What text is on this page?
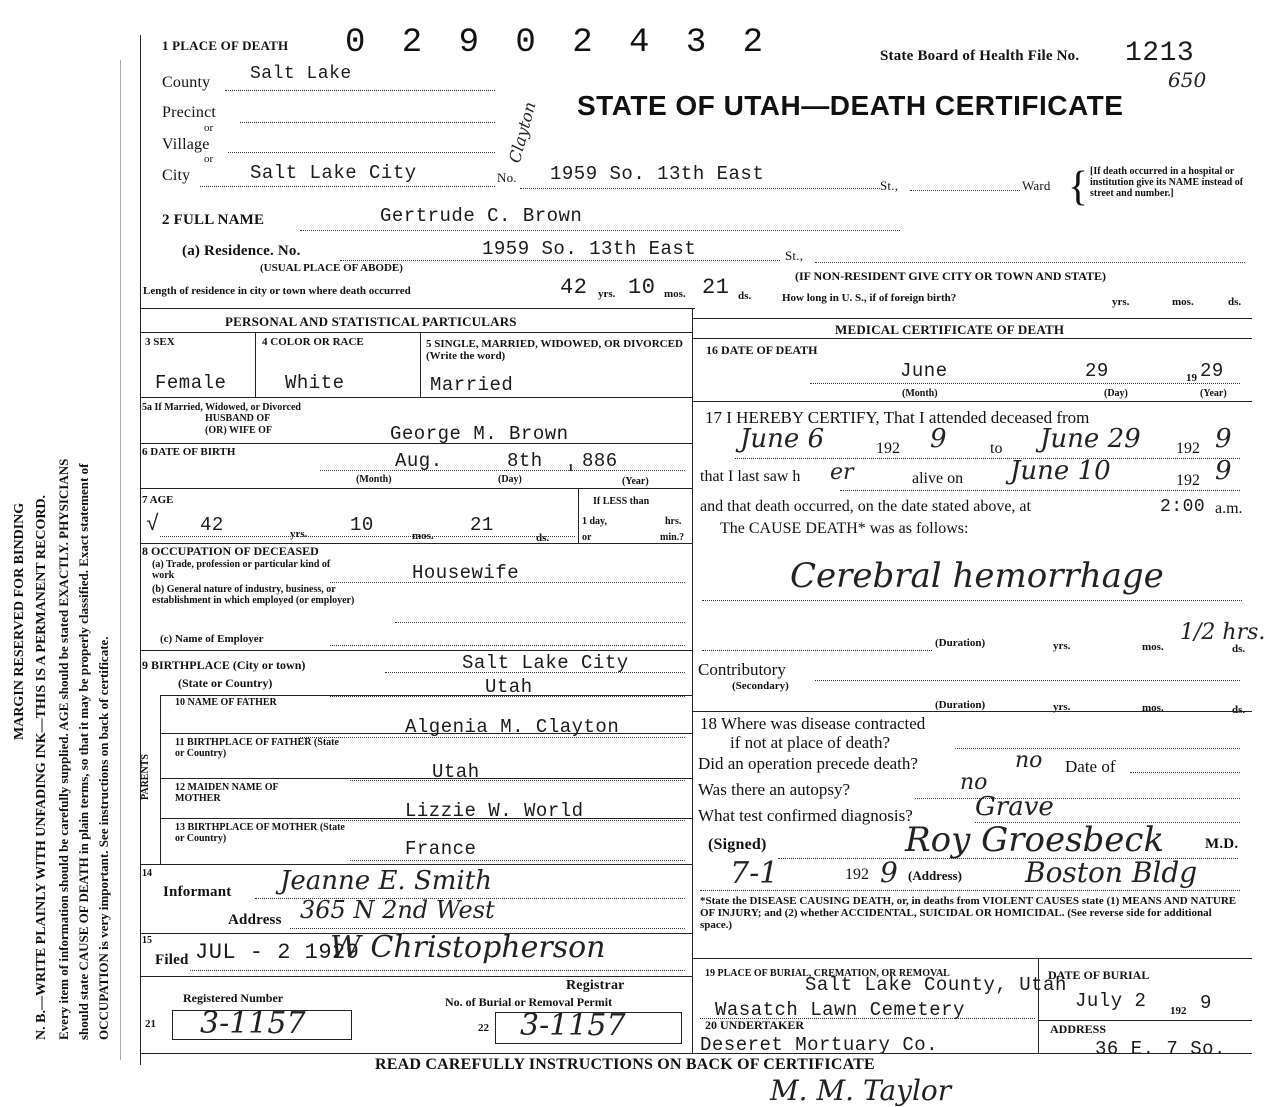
MARGIN RESERVED FOR BINDING N. B.—WRITE PLAINLY WITH UNFADING INK—THIS IS A PERMANENT RECORD. Every item of information should be carefully supplied. AGE should be stated EXACTLY. PHYSICIANS should state CAUSE OF DEATH in plain terms, so that it may be properly classified. Exact statement of OCCUPATION is very important. See instructions on back of certificate.
1 PLACE OF DEATH 0 2 9 0 2 4 3 2	State Board of Health File No. 1213
650
STATE OF UTAH—DEATH CERTIFICATE
County Salt Lake
Precinct
or
Village
or
City	Salt Lake City	No. 1959 So. 13th East
Clayton
St.,	Ward { [If death occurred in a hospital or institution give its NAME instead of street and number.]
2 FULL NAME	Gertrude C. Brown
(a) Residence. No.	1959 So. 13th East	St.,
(USUAL PLACE OF ABODE)
(IF NON-RESIDENT GIVE CITY OR TOWN AND STATE)
Length of residence in city or town where death occurred	42 yrs. 10 mos. 21 ds.	How long in U. S., if of foreign birth?	yrs.	mos.	ds.
PERSONAL AND STATISTICAL PARTICULARS
3 SEX
Female
4 COLOR OR RACE
White
5 SINGLE, MARRIED, WIDOWED, OR DIVORCED (Write the word)
Married
5a If Married, Widowed, or Divorced
HUSBAND OF
(OR) WIFE OF	George M. Brown
6 DATE OF BIRTH	Aug.	8th 1 886
(Month)	(Day)	(Year)
7 AGE
√ 42	yrs. 10	mos. 21
ds.
If LESS than
1 day,	hrs.
or	min.?
8 OCCUPATION OF DECEASED
(a) Trade, profession or particular kind of work	Housewife
(b) General nature of industry, business, or establishment in which employed (or employer)
(c) Name of Employer
9 BIRTHPLACE (City or town)	Salt Lake City
(State or Country)	Utah
PARENTS
10 NAME OF FATHER
Algenia M. Clayton
11 BIRTHPLACE OF FATHER (State or Country)
Utah
12 MAIDEN NAME OF MOTHER
Lizzie W. World
13 BIRTHPLACE OF MOTHER (State or Country)	France
14
Informant Jeanne E. Smith
Address 365 N 2nd West
15
Filed JUL - 2 1929
W Christopherson
Registrar
Registered Number	No. of Burial or Removal Permit
21 3-1157	22 3-1157
MEDICAL CERTIFICATE OF DEATH
16 DATE OF DEATH
June	29	19 29
(Month)	(Day)	(Year)
17 I HEREBY CERTIFY, That I attended deceased from
June 6	192 9	to June 29 192 9
that I last saw h er	alive on June 10	192 9
and that death occurred, on the date stated above, at	2:00 a.m.
The CAUSE DEATH* was as follows:
Cerebral hemorrhage
(Duration)	yrs.	mos.
1/2 hrs.
ds.
Contributory
(Secondary)
(Duration)	yrs.	mos.	ds.
18 Where was disease contracted
if not at place of death?
Did an operation precede death?	no Date of
Was there an autopsy?	no
What test confirmed diagnosis? Grave
(Signed)	Roy Groesbeck	M.D.
7-1	192 9 (Address) Boston Bldg
*State the DISEASE CAUSING DEATH, or, in deaths from VIOLENT CAUSES state (1) MEANS AND NATURE OF INJURY; and (2) whether ACCIDENTAL, SUICIDAL OR HOMICIDAL. (See reverse side for additional space.)
19 PLACE OF BURIAL, CREMATION, OR REMOVAL
Salt Lake County, Utah
Wasatch Lawn Cemetery
DATE OF BURIAL
July 2 192 9
20 UNDERTAKER
Deseret Mortuary Co.
ADDRESS
36 E. 7 So.
READ CAREFULLY INSTRUCTIONS ON BACK OF CERTIFICATE
M. M. Taylor
